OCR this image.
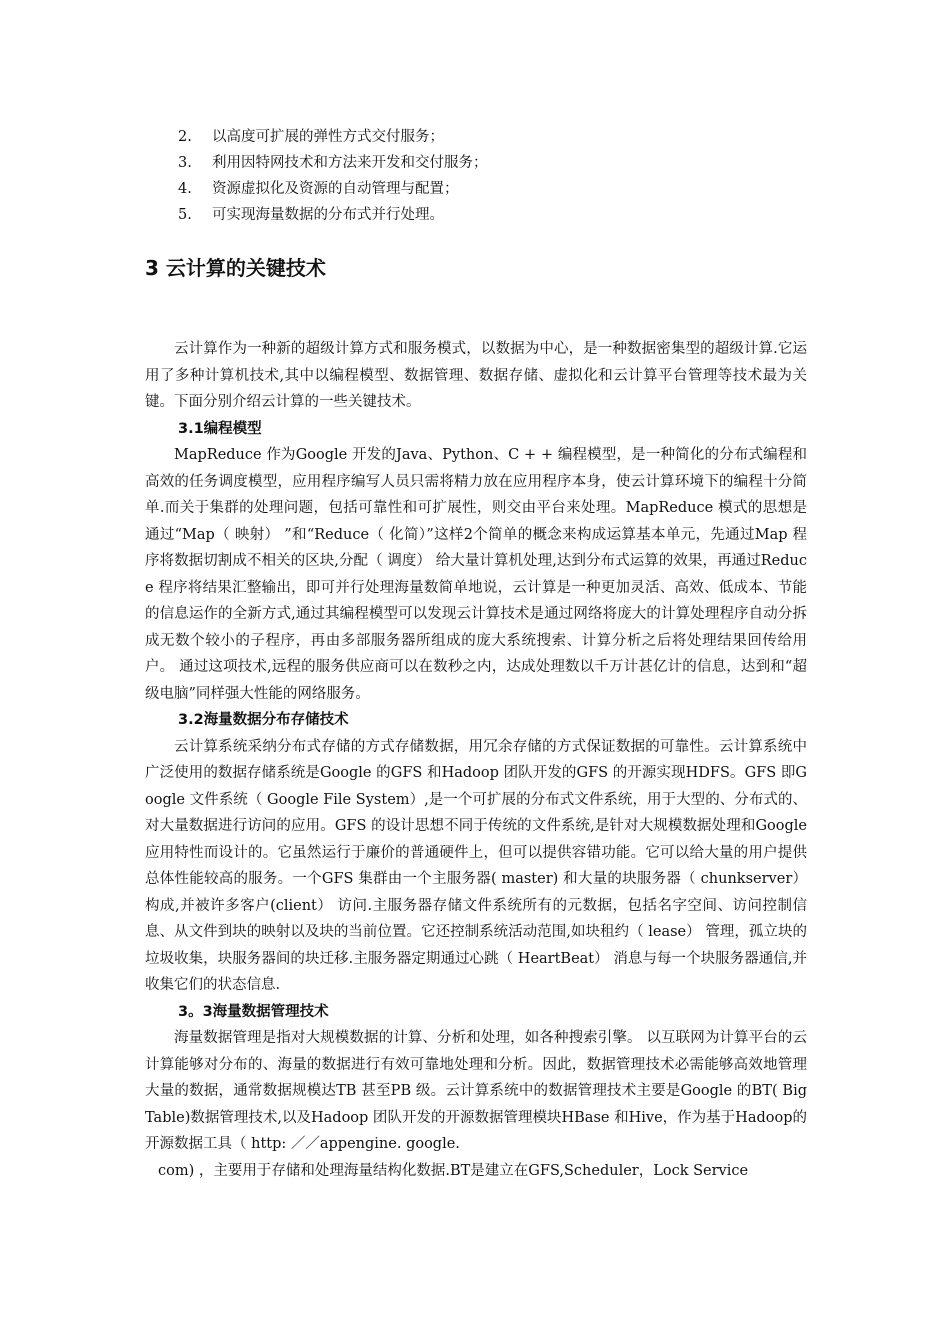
2. 以高度可扩展的弹性方式交付服务；
3. 利用因特网技术和方法来开发和交付服务；
4. 资源虚拟化及资源的自动管理与配置；
5. 可实现海量数据的分布式并行处理。
3 云计算的关键技术

云计算作为一种新的超级计算方式和服务模式，以数据为中心，是一种数据密集型的超级计算.它运用了多种计算机技术,其中以编程模型、数据管理、数据存储、虚拟化和云计算平台管理等技术最为关键。下面分别介绍云计算的一些关键技术。

3.1编程模型

MapReduce 作为Google 开发的Java、Python、C + + 编程模型，是一种简化的分布式编程和高效的任务调度模型，应用程序编写人员只需将精力放在应用程序本身，使云计算环境下的编程十分简单.而关于集群的处理问题，包括可靠性和可扩展性，则交由平台来处理。MapReduce 模式的思想是通过“Map（ 映射） ”和“Reduce（ 化简）”这样2个简单的概念来构成运算基本单元，先通过Map 程序将数据切割成不相关的区块,分配（ 调度） 给大量计算机处理,达到分布式运算的效果，再通过Reduce 程序将结果汇整输出，即可并行处理海量数简单地说，云计算是一种更加灵活、高效、低成本、节能的信息运作的全新方式,通过其编程模型可以发现云计算技术是通过网络将庞大的计算处理程序自动分拆成无数个较小的子程序，再由多部服务器所组成的庞大系统搜索、计算分析之后将处理结果回传给用户。 通过这项技术,远程的服务供应商可以在数秒之内，达成处理数以千万计甚亿计的信息，达到和“超级电脑”同样强大性能的网络服务。

3.2海量数据分布存储技术

云计算系统采纳分布式存储的方式存储数据，用冗余存储的方式保证数据的可靠性。云计算系统中广泛使用的数据存储系统是Google 的GFS 和Hadoop 团队开发的GFS 的开源实现HDFS。GFS 即Google 文件系统（ Google File System）,是一个可扩展的分布式文件系统，用于大型的、分布式的、对大量数据进行访问的应用。GFS 的设计思想不同于传统的文件系统,是针对大规模数据处理和Google应用特性而设计的。它虽然运行于廉价的普通硬件上，但可以提供容错功能。它可以给大量的用户提供总体性能较高的服务。一个GFS 集群由一个主服务器( master) 和大量的块服务器（ chunkserver）构成,并被许多客户(client） 访问.主服务器存储文件系统所有的元数据，包括名字空间、访问控制信息、从文件到块的映射以及块的当前位置。它还控制系统活动范围,如块租约（ lease） 管理，孤立块的垃圾收集，块服务器间的块迁移.主服务器定期通过心跳（ HeartBeat） 消息与每一个块服务器通信,并收集它们的状态信息.

3。3海量数据管理技术

海量数据管理是指对大规模数据的计算、分析和处理，如各种搜索引擎。 以互联网为计算平台的云计算能够对分布的、海量的数据进行有效可靠地处理和分析。因此，数据管理技术必需能够高效地管理大量的数据，通常数据规模达TB 甚至PB 级。云计算系统中的数据管理技术主要是Google 的BT( BigTable)数据管理技术,以及Hadoop 团队开发的开源数据管理模块HBase 和Hive，作为基于Hadoop的开源数据工具（ http: ／／appengine. google.

com) ，主要用于存储和处理海量结构化数据.BT是建立在GFS,Scheduler，Lock Service
